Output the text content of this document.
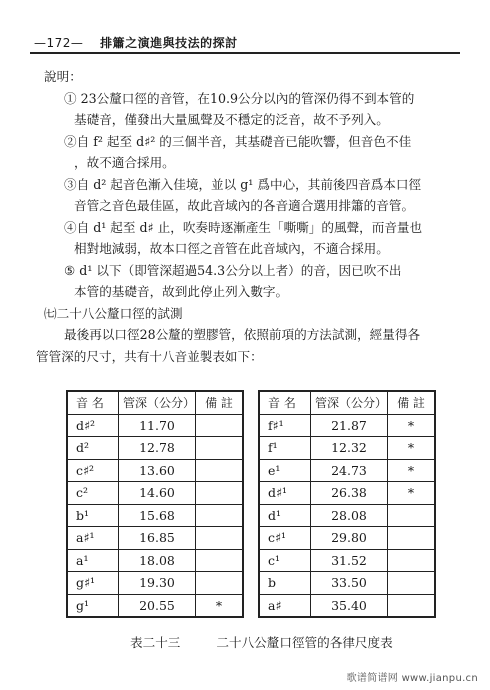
—172— 排簫之演進與技法的探討
說明：
① 23公釐口徑的音管，在10.9公分以內的管深仍得不到本管的
基礎音，僅發出大量風聲及不穩定的泛音，故不予列入。
②自 f² 起至 d♯² 的三個半音，其基礎音已能吹響，但音色不佳
，故不適合採用。
③自 d² 起音色漸入佳境，並以 g¹ 爲中心，其前後四音爲本口徑
音管之音色最佳區，故此音域內的各音適合選用排簫的音管。
④自 d¹ 起至 d♯ 止，吹奏時逐漸產生「嘶嘶」的風聲，而音量也
相對地減弱，故本口徑之音管在此音域內，不適合採用。
⑤ d¹ 以下（即管深超過54.3公分以上者）的音，因已吹不出
本管的基礎音，故到此停止列入數字。
㈦二十八公釐口徑的試測
最後再以口徑28公釐的塑膠管，依照前項的方法試測，經量得各
管管深的尺寸，共有十八音並製表如下：
音 名	管深（公分）	備 註
d♯²	11.70	
d²	12.78	
c♯²	13.60	
c²	14.60	
b¹	15.68	
a♯¹	16.85	
a¹	18.08	
g♯¹	19.30	
g¹	20.55	*
音 名	管深（公分）	備 註
f♯¹	21.87	*
f¹	12.32	*
e¹	24.73	*
d♯¹	26.38	*
d¹	28.08	
c♯¹	29.80	
c¹	31.52	
b	33.50	
a♯	35.40	
表二十三	二十八公釐口徑管的各律尺度表
歌谱简谱网 www.jianpu.cn
